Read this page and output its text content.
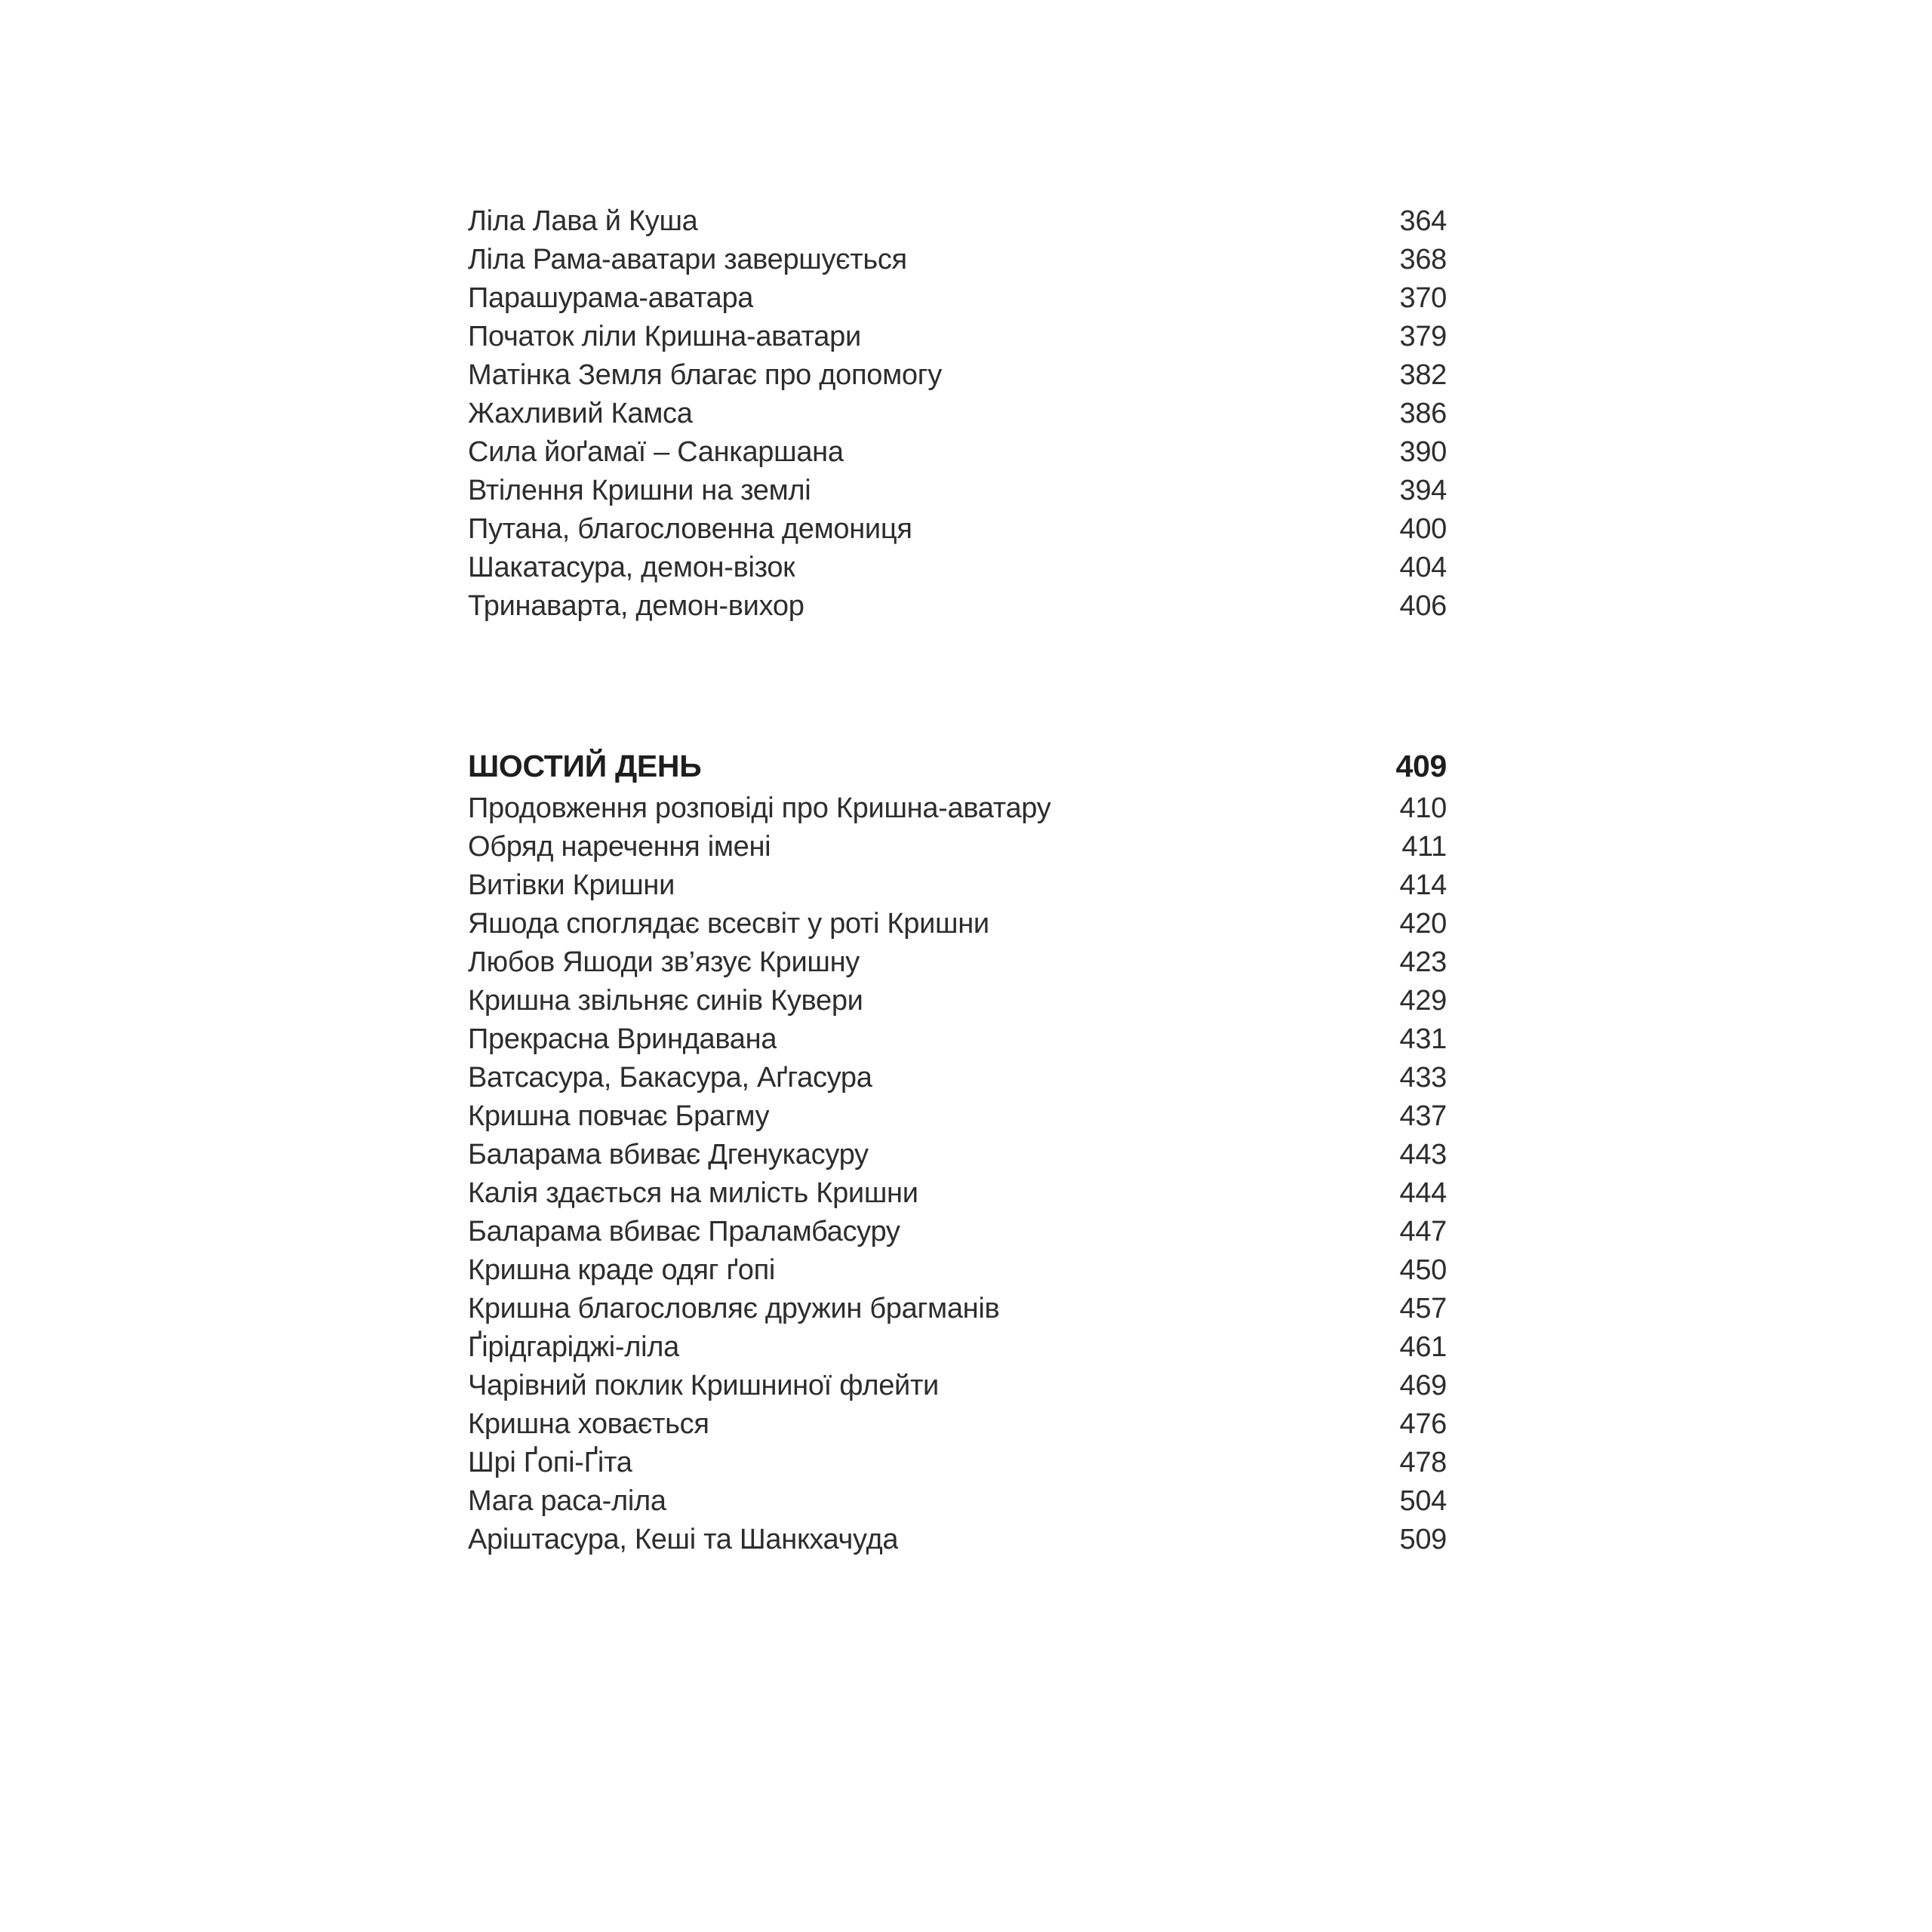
Ліла Лава й Куша	364
Ліла Рама-аватари завершується	368
Парашурама-аватара	370
Початок ліли Кришна-аватари	379
Матінка Земля благає про допомогу	382
Жахливий Камса	386
Сила йоґамаї – Санкаршана	390
Втілення Кришни на землі	394
Путана, благословенна демониця	400
Шакатасура, демон-візок	404
Тринаварта, демон-вихор	406
ШОСТИЙ ДЕНЬ	409
Продовження розповіді про Кришна-аватару	410
Обряд наречення імені	411
Витівки Кришни	414
Яшода споглядає всесвіт у роті Кришни	420
Любов Яшоди зв’язує Кришну	423
Кришна звільняє синів Кувери	429
Прекрасна Вриндавана	431
Ватсасура, Бакасура, Аґгасура	433
Кришна повчає Брагму	437
Баларама вбиває Дгенукасуру	443
Калія здається на милість Кришни	444
Баларама вбиває Праламбасуру	447
Кришна краде одяг ґопі	450
Кришна благословляє дружин брагманів	457
Ґірідгаріджі-ліла	461
Чарівний поклик Кришниної флейти	469
Кришна ховається	476
Шрі Ґопі-Ґіта	478
Мага раса-ліла	504
Аріштасура, Кеші та Шанкхачуда	509
